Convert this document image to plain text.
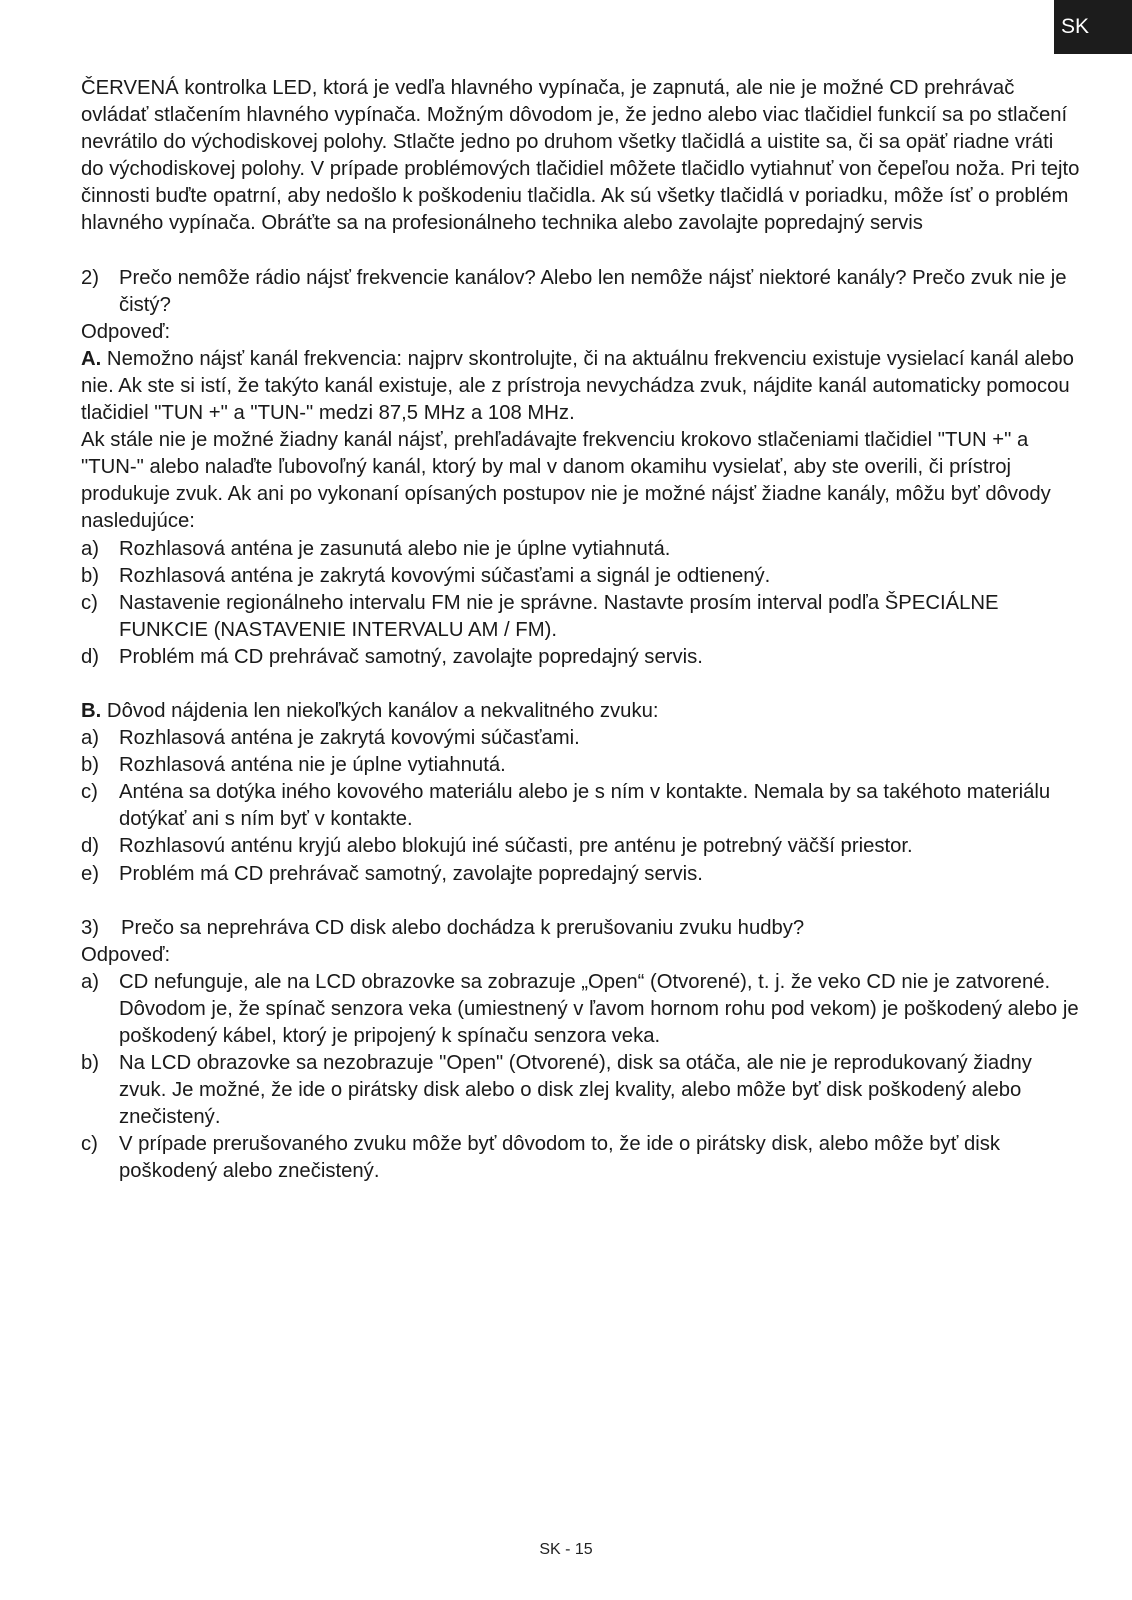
SK

ČERVENÁ kontrolka LED, ktorá je vedľa hlavného vypínača, je zapnutá, ale nie je možné CD prehrávač ovládať stlačením hlavného vypínača. Možným dôvodom je, že jedno alebo viac tlačidiel funkcií sa po stlačení nevrátilo do východiskovej polohy. Stlačte jedno po druhom všetky tlačidlá a uistite sa, či sa opäť riadne vráti do východiskovej polohy. V prípade problémových tlačidiel môžete tlačidlo vytiahnuť von čepeľou noža. Pri tejto činnosti buďte opatrní, aby nedošlo k poškodeniu tlačidla. Ak sú všetky tlačidlá v poriadku, môže ísť o problém hlavného vypínača. Obráťte sa na profesionálneho technika alebo zavolajte popredajný servis

2) Prečo nemôže rádio nájsť frekvencie kanálov? Alebo len nemôže nájsť niektoré kanály? Prečo zvuk nie je čistý?

Odpoveď:

A. Nemožno nájsť kanál frekvencia: najprv skontrolujte, či na aktuálnu frekvenciu existuje vysielací kanál alebo nie. Ak ste si istí, že takýto kanál existuje, ale z prístroja nevychádza zvuk, nájdite kanál automaticky pomocou tlačidiel "TUN +" a "TUN-" medzi 87,5 MHz a 108 MHz.

Ak stále nie je možné žiadny kanál nájsť, prehľadávajte frekvenciu krokovo stlačeniami tlačidiel "TUN +" a "TUN-" alebo nalaďte ľubovoľný kanál, ktorý by mal v danom okamihu vysielať, aby ste overili, či prístroj produkuje zvuk. Ak ani po vykonaní opísaných postupov nie je možné nájsť žiadne kanály, môžu byť dôvody nasledujúce:

a) Rozhlasová anténa je zasunutá alebo nie je úplne vytiahnutá.
b) Rozhlasová anténa je zakrytá kovovými súčasťami a signál je odtienený.
c)	Nastavenie regionálneho intervalu FM nie je správne. Nastavte prosím interval podľa ŠPECIÁLNE FUNKCIE (NASTAVENIE INTERVALU AM / FM).
d) Problém má CD prehrávač samotný, zavolajte popredajný servis.

B. Dôvod nájdenia len niekoľkých kanálov a nekvalitného zvuku:

a) Rozhlasová anténa je zakrytá kovovými súčasťami.
b) Rozhlasová anténa nie je úplne vytiahnutá.
c)	Anténa sa dotýka iného kovového materiálu alebo je s ním v kontakte. Nemala by sa takéhoto materiálu dotýkať ani s ním byť v kontakte.
d) Rozhlasovú anténu kryjú alebo blokujú iné súčasti, pre anténu je potrebný väčší priestor.
e) Problém má CD prehrávač samotný, zavolajte popredajný servis.
3)	Prečo sa neprehráva CD disk alebo dochádza k prerušovaniu zvuku hudby?

Odpoveď:

a) CD nefunguje, ale na LCD obrazovke sa zobrazuje „Open“ (Otvorené), t. j. že veko CD nie je zatvorené. Dôvodom je, že spínač senzora veka (umiestnený v ľavom hornom rohu pod vekom) je poškodený alebo je poškodený kábel, ktorý je pripojený k spínaču senzora veka.
b) Na LCD obrazovke sa nezobrazuje "Open" (Otvorené), disk sa otáča, ale nie je reprodukovaný žiadny zvuk. Je možné, že ide o pirátsky disk alebo o disk zlej kvality, alebo môže byť disk poškodený alebo znečistený.
c)	V prípade prerušovaného zvuku môže byť dôvodom to, že ide o pirátsky disk, alebo môže byť disk poškodený alebo znečistený.
SK - 15
